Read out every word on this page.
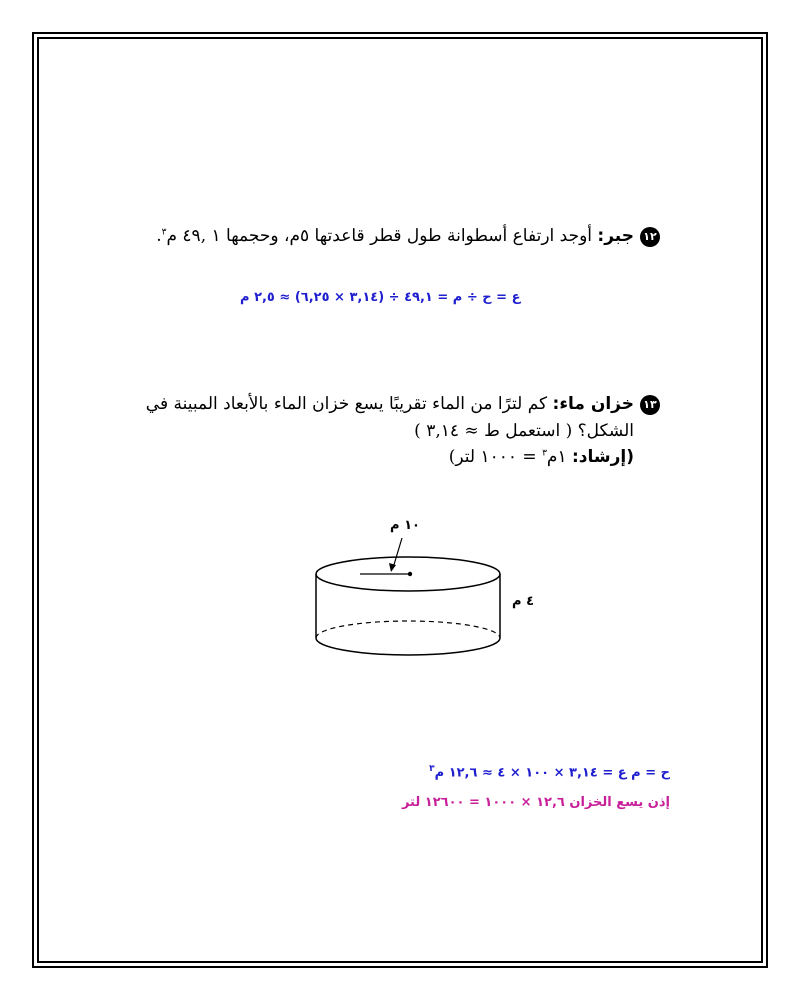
١٢جبر: أوجد ارتفاع أسطوانة طول قطر قاعدتها ٥م، وحجمها ١ ,٤٩ م$^٣$.
ع = ح ÷ م = ٤٩,١ ÷ (٣,١٤ × ٦,٢٥) ≈ ٢,٥ م
١٣خزان ماء: كم لترًا من الماء تقريبًا يسع خزان الماء بالأبعاد المبينة في
الشكل؟ ( استعمل ط ≈ ٣,١٤ )
(إرشاد: ١م$^٣$ = ١٠٠٠ لتر)
١٠ م
٤ م
ح = م ع = ٣,١٤ × ١٠٠ × ٤ ≈ ١٢,٦ م$^٣$
إذن يسع الخزان ١٢,٦ × ١٠٠٠ = ١٢٦٠٠ لتر
